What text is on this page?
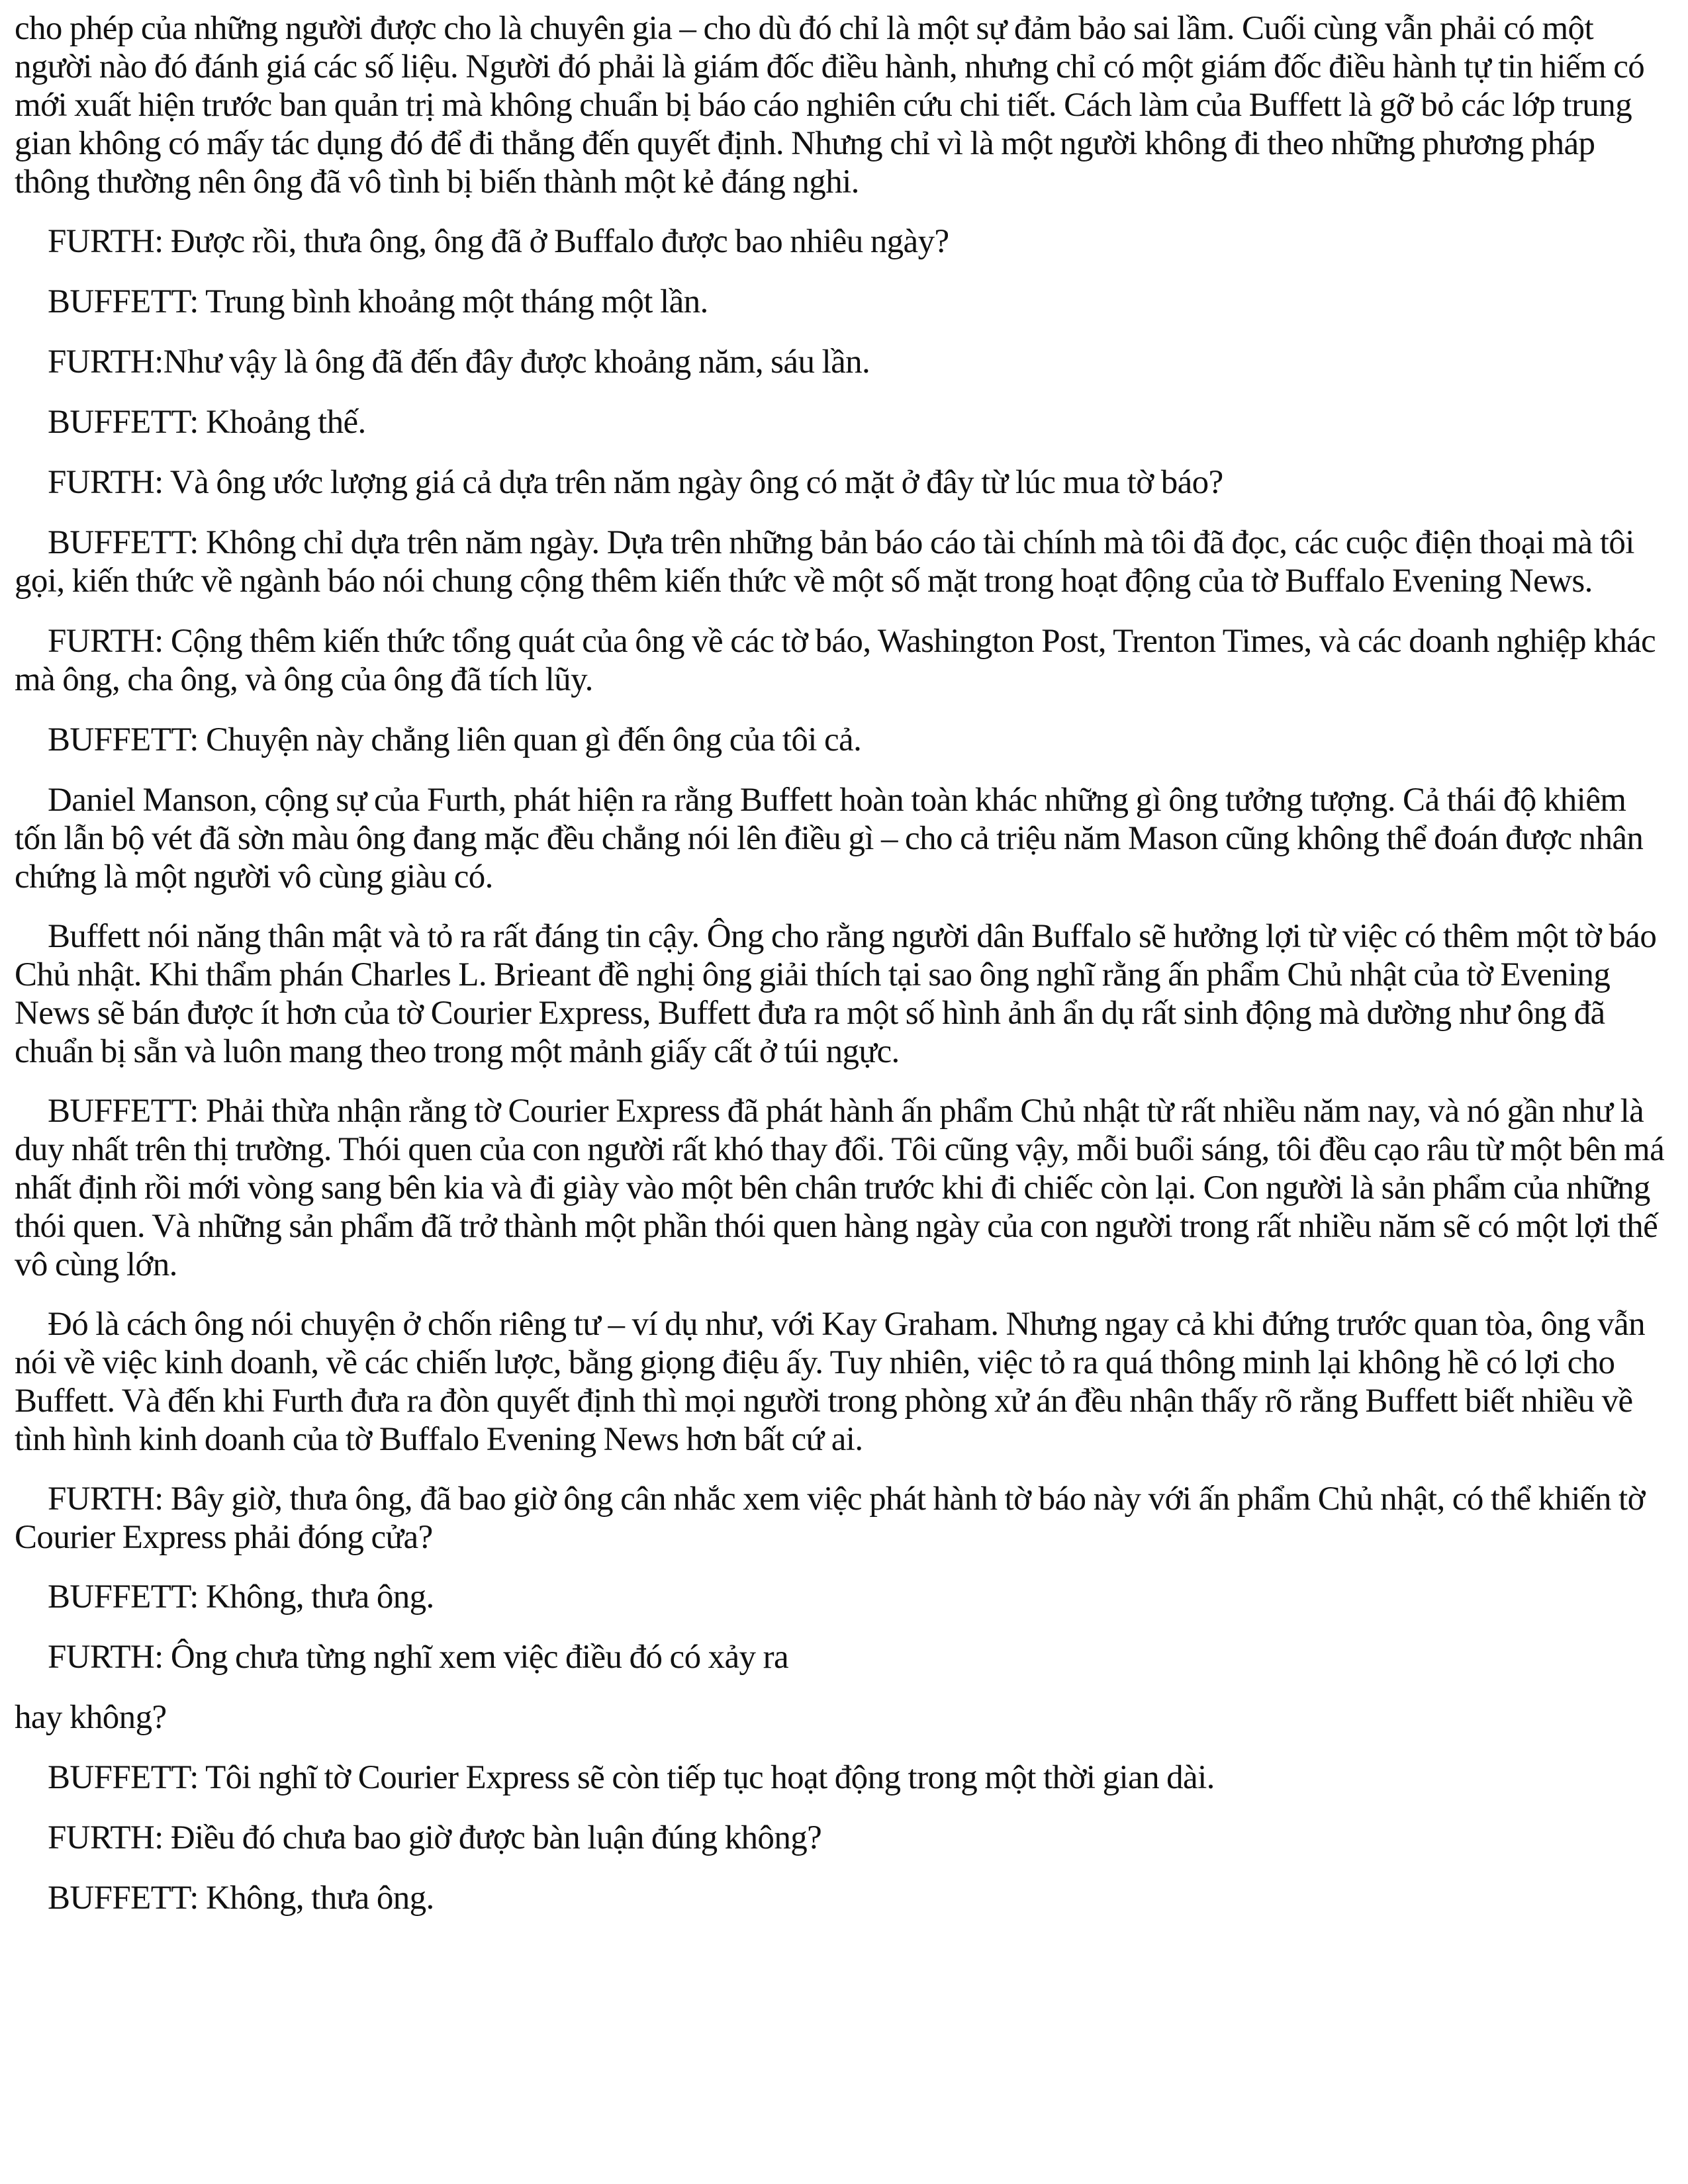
cho phép của những người được cho là chuyên gia – cho dù đó chỉ là một sự đảm bảo sai lầm. Cuối cùng vẫn phải có một người nào đó đánh giá các số liệu. Người đó phải là giám đốc điều hành, nhưng chỉ có một giám đốc điều hành tự tin hiếm có mới xuất hiện trước ban quản trị mà không chuẩn bị báo cáo nghiên cứu chi tiết. Cách làm của Buffett là gỡ bỏ các lớp trung gian không có mấy tác dụng đó để đi thẳng đến quyết định. Nhưng chỉ vì là một người không đi theo những phương pháp thông thường nên ông đã vô tình bị biến thành một kẻ đáng nghi.

FURTH: Được rồi, thưa ông, ông đã ở Buffalo được bao nhiêu ngày?

BUFFETT: Trung bình khoảng một tháng một lần.

FURTH:Như vậy là ông đã đến đây được khoảng năm, sáu lần.

BUFFETT: Khoảng thế.

FURTH: Và ông ước lượng giá cả dựa trên năm ngày ông có mặt ở đây từ lúc mua tờ báo?

BUFFETT: Không chỉ dựa trên năm ngày. Dựa trên những bản báo cáo tài chính mà tôi đã đọc, các cuộc điện thoại mà tôi gọi, kiến thức về ngành báo nói chung cộng thêm kiến thức về một số mặt trong hoạt động của tờ Buffalo Evening News.

FURTH: Cộng thêm kiến thức tổng quát của ông về các tờ báo, Washington Post, Trenton Times, và các doanh nghiệp khác mà ông, cha ông, và ông của ông đã tích lũy.

BUFFETT: Chuyện này chẳng liên quan gì đến ông của tôi cả.

Daniel Manson, cộng sự của Furth, phát hiện ra rằng Buffett hoàn toàn khác những gì ông tưởng tượng. Cả thái độ khiêm tốn lẫn bộ vét đã sờn màu ông đang mặc đều chẳng nói lên điều gì – cho cả triệu năm Mason cũng không thể đoán được nhân chứng là một người vô cùng giàu có.

Buffett nói năng thân mật và tỏ ra rất đáng tin cậy. Ông cho rằng người dân Buffalo sẽ hưởng lợi từ việc có thêm một tờ báo Chủ nhật. Khi thẩm phán Charles L. Brieant đề nghị ông giải thích tại sao ông nghĩ rằng ấn phẩm Chủ nhật của tờ Evening News sẽ bán được ít hơn của tờ Courier Express, Buffett đưa ra một số hình ảnh ẩn dụ rất sinh động mà dường như ông đã chuẩn bị sẵn và luôn mang theo trong một mảnh giấy cất ở túi ngực.

BUFFETT: Phải thừa nhận rằng tờ Courier Express đã phát hành ấn phẩm Chủ nhật từ rất nhiều năm nay, và nó gần như là duy nhất trên thị trường. Thói quen của con người rất khó thay đổi. Tôi cũng vậy, mỗi buổi sáng, tôi đều cạo râu từ một bên má nhất định rồi mới vòng sang bên kia và đi giày vào một bên chân trước khi đi chiếc còn lại. Con người là sản phẩm của những thói quen. Và những sản phẩm đã trở thành một phần thói quen hàng ngày của con người trong rất nhiều năm sẽ có một lợi thế vô cùng lớn.

Đó là cách ông nói chuyện ở chốn riêng tư – ví dụ như, với Kay Graham. Nhưng ngay cả khi đứng trước quan tòa, ông vẫn nói về việc kinh doanh, về các chiến lược, bằng giọng điệu ấy. Tuy nhiên, việc tỏ ra quá thông minh lại không hề có lợi cho Buffett. Và đến khi Furth đưa ra đòn quyết định thì mọi người trong phòng xử án đều nhận thấy rõ rằng Buffett biết nhiều về tình hình kinh doanh của tờ Buffalo Evening News hơn bất cứ ai.

FURTH: Bây giờ, thưa ông, đã bao giờ ông cân nhắc xem việc phát hành tờ báo này với ấn phẩm Chủ nhật, có thể khiến tờ Courier Express phải đóng cửa?

BUFFETT: Không, thưa ông.

FURTH: Ông chưa từng nghĩ xem việc điều đó có xảy ra

hay không?

BUFFETT: Tôi nghĩ tờ Courier Express sẽ còn tiếp tục hoạt động trong một thời gian dài.

FURTH: Điều đó chưa bao giờ được bàn luận đúng không?

BUFFETT: Không, thưa ông.
